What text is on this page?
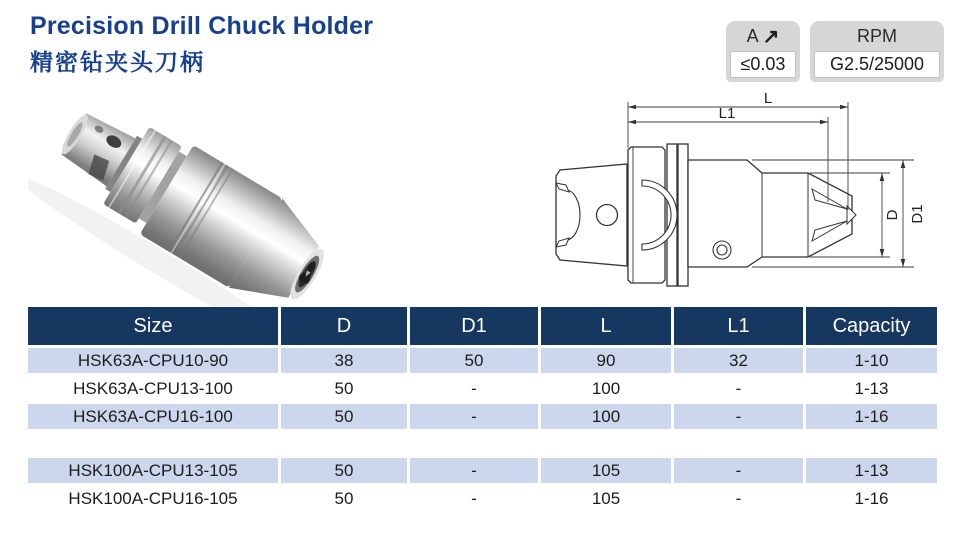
Precision Drill Chuck Holder
精密钻夹头刀柄
A ↗
≤0.03
RPM
G2.5/25000
L
L1
D D1
Size	D	D1	L	L1	Capacity
HSK63A-CPU10-90	38	50	90	32	1-10
HSK63A-CPU13-100	50	-	100	-	1-13
HSK63A-CPU16-100	50	-	100	-	1-16

HSK100A-CPU13-105	50	-	105	-	1-13
HSK100A-CPU16-105	50	-	105	-	1-16
